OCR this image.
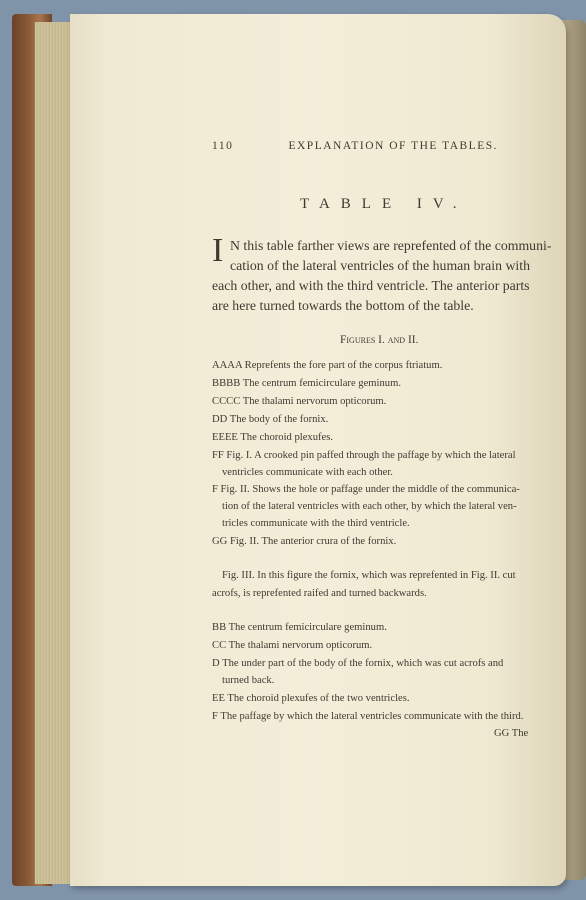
110	EXPLANATION OF THE TABLES.
TABLE IV.
I N this table farther views are reprefented of the communi-
cation of the lateral ventricles of the human brain with
each other, and with the third ventricle. The anterior parts
are here turned towards the bottom of the table.
Figures I. and II.
AAAA Reprefents the fore part of the corpus ftriatum.
BBBB The centrum femicirculare geminum.
CCCC The thalami nervorum opticorum.
DD The body of the fornix.
EEEE The choroid plexufes.
FF Fig. I. A crooked pin paffed through the paffage by which the lateral
ventricles communicate with each other.
F Fig. II. Shows the hole or paffage under the middle of the communica-
tion of the lateral ventricles with each other, by which the lateral ven-
tricles communicate with the third ventricle.
GG Fig. II. The anterior crura of the fornix.
Fig. III. In this figure the fornix, which was reprefented in Fig. II. cut
acrofs, is reprefented raifed and turned backwards.
BB The centrum femicirculare geminum.
CC The thalami nervorum opticorum.
D The under part of the body of the fornix, which was cut acrofs and
turned back.
EE The choroid plexufes of the two ventricles.
F The paffage by which the lateral ventricles communicate with the third.
GG The
